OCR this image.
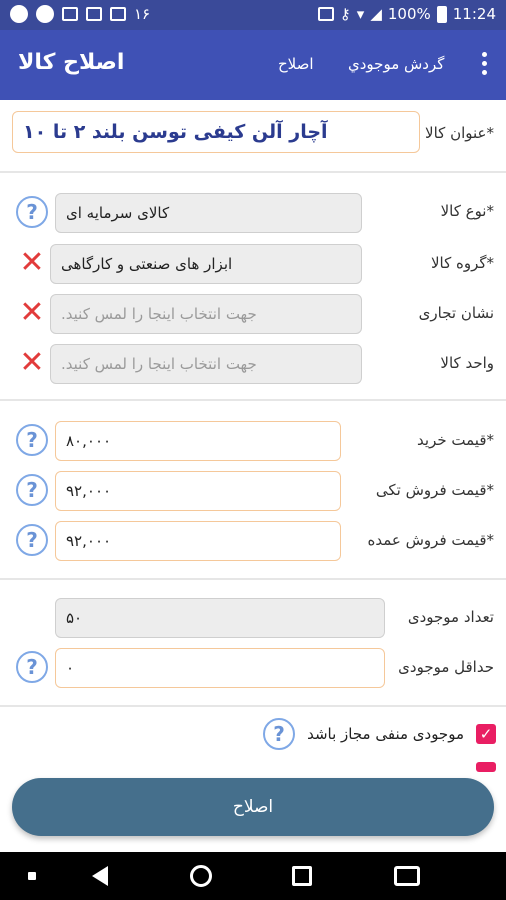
۱۶	⚷ ▾ ◢ 100% 11:24
اصلاح کالا	اصلاح گردش موجودي
عنوان کالا*
آچار آلن کیفی توسن بلند ۲ تا ۱۰
?	کالای سرمایه ای	نوع کالا*
✕ ابزار های صنعتی و کارگاهی	گروه کالا*
✕ جهت انتخاب اینجا را لمس کنید.	نشان تجاری
✕ جهت انتخاب اینجا را لمس کنید.	واحد کالا
?	۸۰,۰۰۰	قیمت خرید*
?	۹۲,۰۰۰	قیمت فروش تکی*
?	۹۲,۰۰۰	قیمت فروش عمده*
۵۰	تعداد موجودی
?	۰	حداقل موجودی
✓
موجودی منفی مجاز باشد
?
اصلاح
